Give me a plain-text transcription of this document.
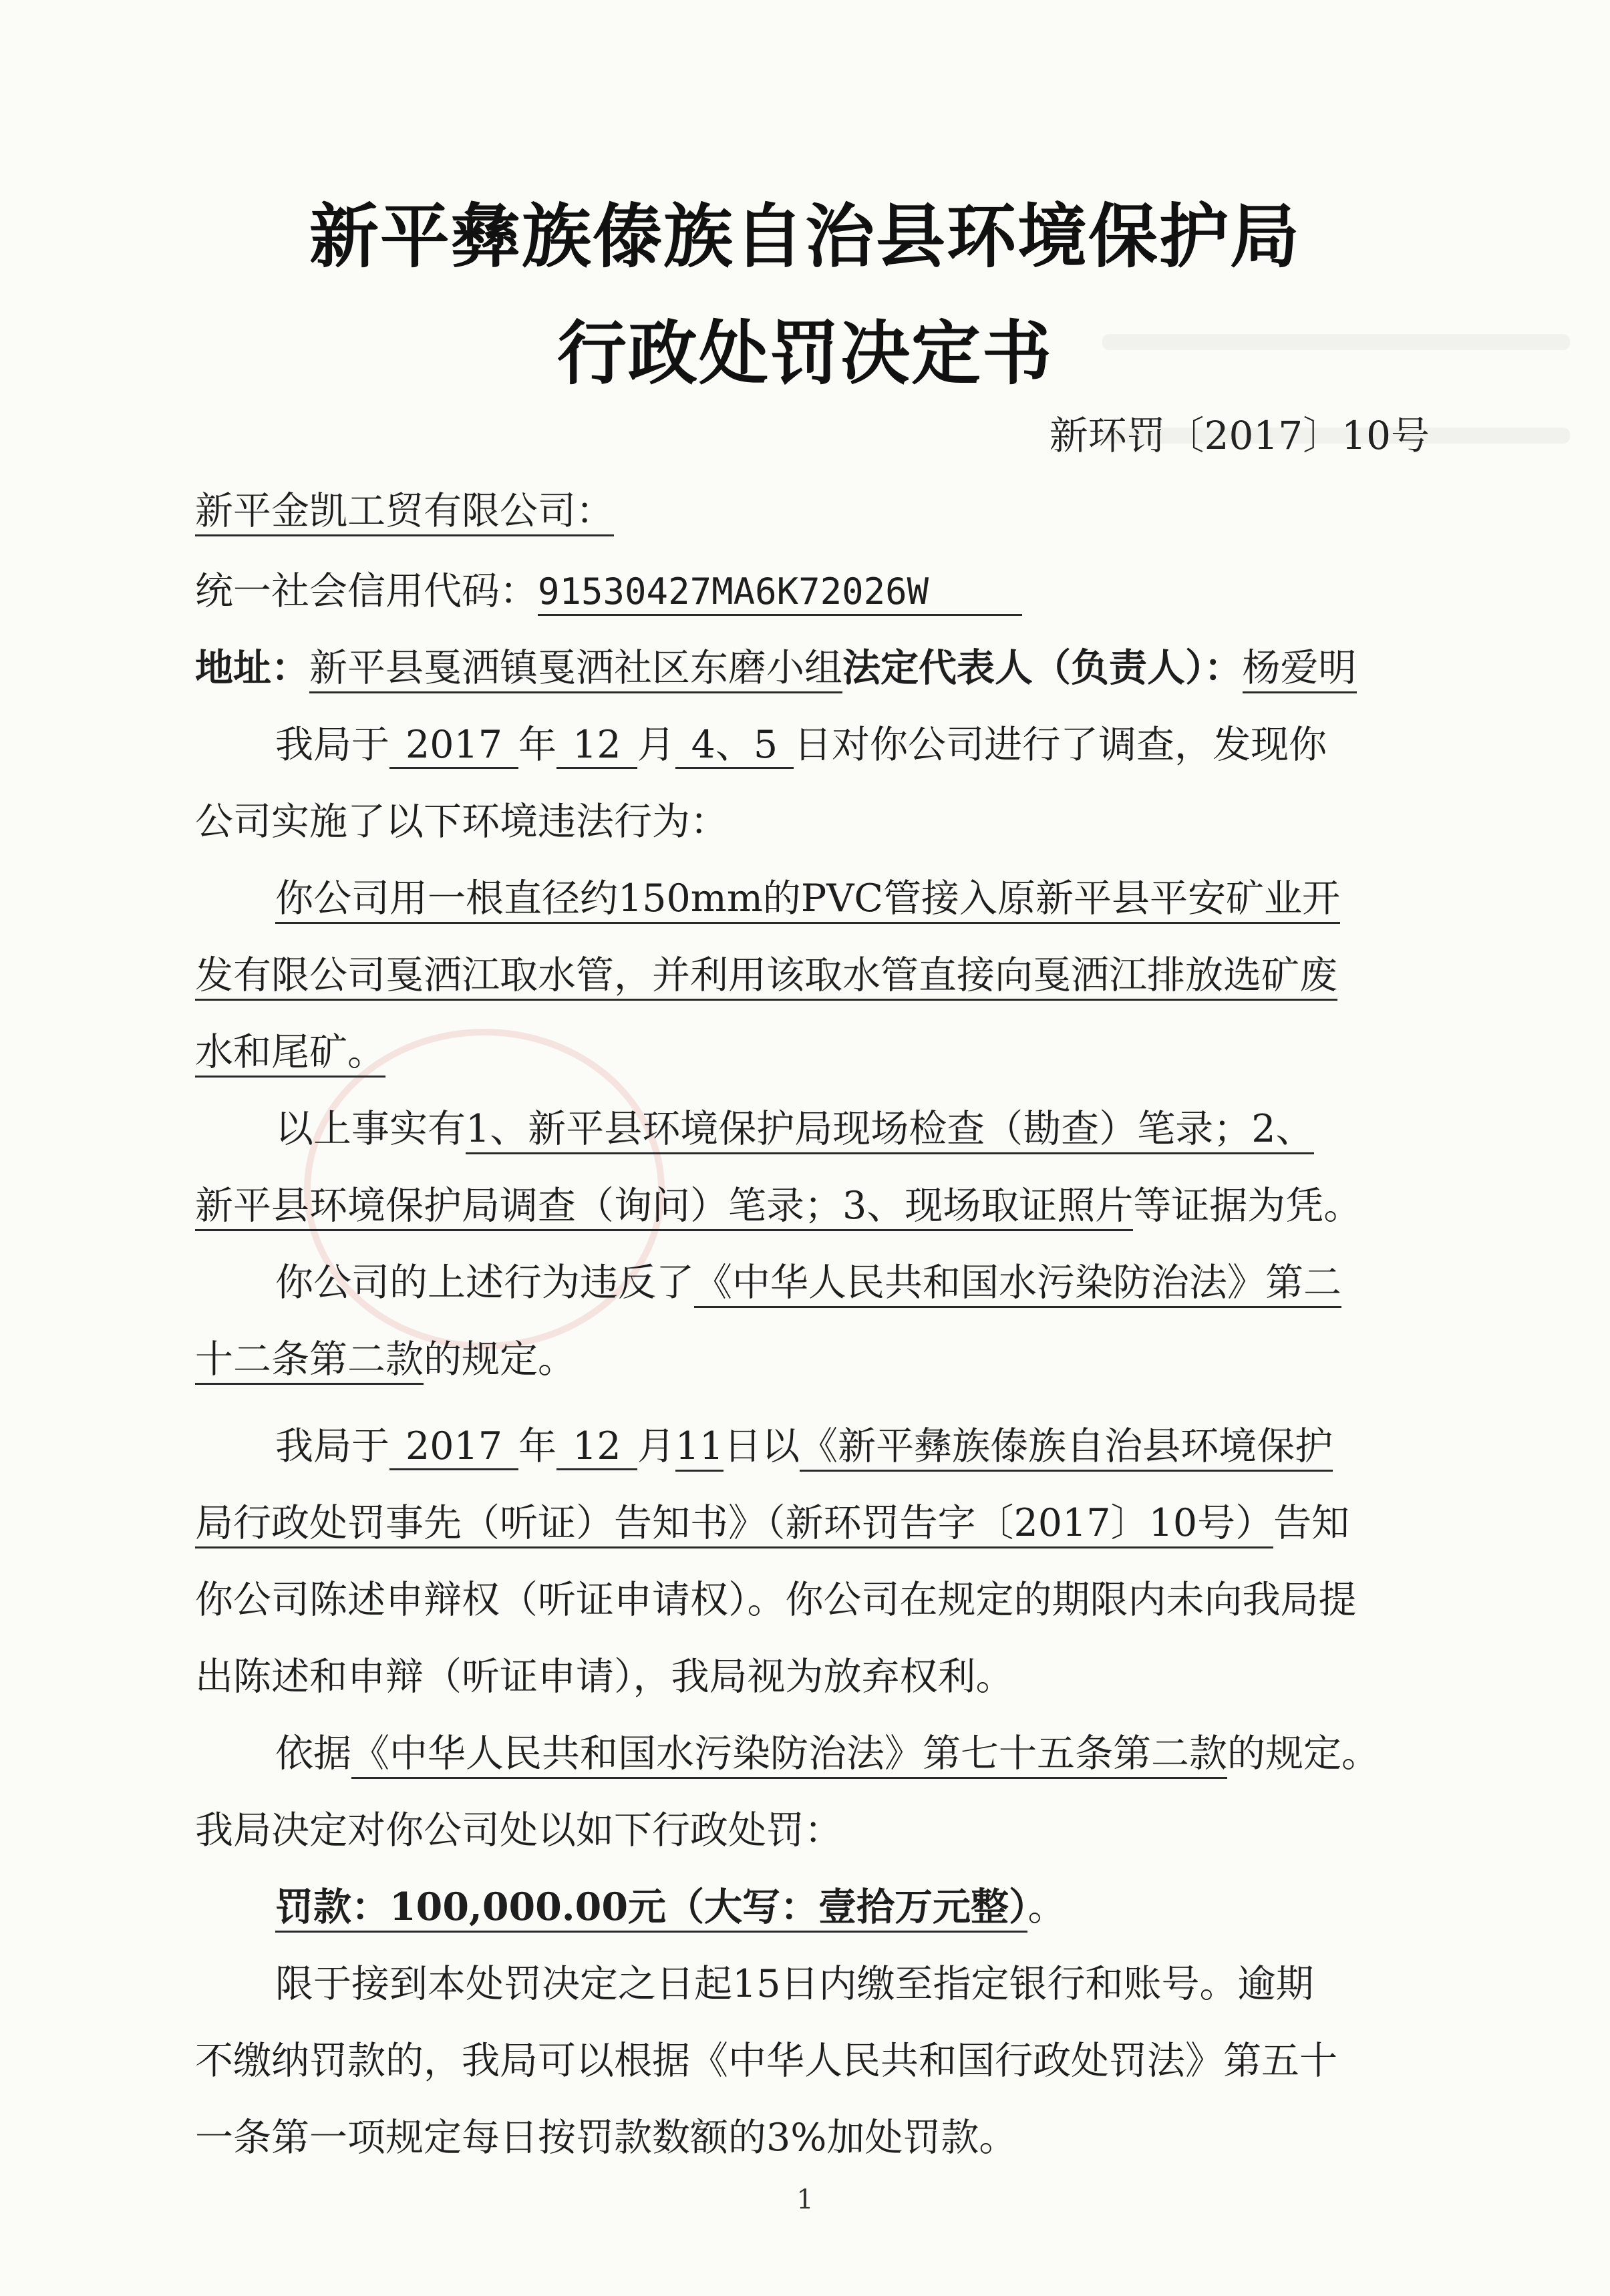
新平彝族傣族自治县环境保护局
行政处罚决定书
新环罚〔2017〕10号
新平金凯工贸有限公司：
统一社会信用代码：91530427MA6K72026W
地址：新平县戛洒镇戛洒社区东磨小组法定代表人（负责人）：杨爱明
我局于 2017 年 12 月 4、5 日对你公司进行了调查，发现你
公司实施了以下环境违法行为：
你公司用一根直径约150mm的PVC管接入原新平县平安矿业开
发有限公司戛洒江取水管，并利用该取水管直接向戛洒江排放选矿废
水和尾矿。
以上事实有1、新平县环境保护局现场检查（勘查）笔录；2、
新平县环境保护局调查（询问）笔录；3、现场取证照片等证据为凭。
你公司的上述行为违反了《中华人民共和国水污染防治法》第二
十二条第二款的规定。
我局于 2017 年 12 月11日以《新平彝族傣族自治县环境保护
局行政处罚事先（听证）告知书》（新环罚告字〔2017〕10号）告知
你公司陈述申辩权（听证申请权）。你公司在规定的期限内未向我局提
出陈述和申辩（听证申请），我局视为放弃权利。
依据《中华人民共和国水污染防治法》第七十五条第二款的规定。
我局决定对你公司处以如下行政处罚：
罚款：100,000.00元（大写：壹拾万元整）。
限于接到本处罚决定之日起15日内缴至指定银行和账号。逾期
不缴纳罚款的，我局可以根据《中华人民共和国行政处罚法》第五十
一条第一项规定每日按罚款数额的3%加处罚款。
1
